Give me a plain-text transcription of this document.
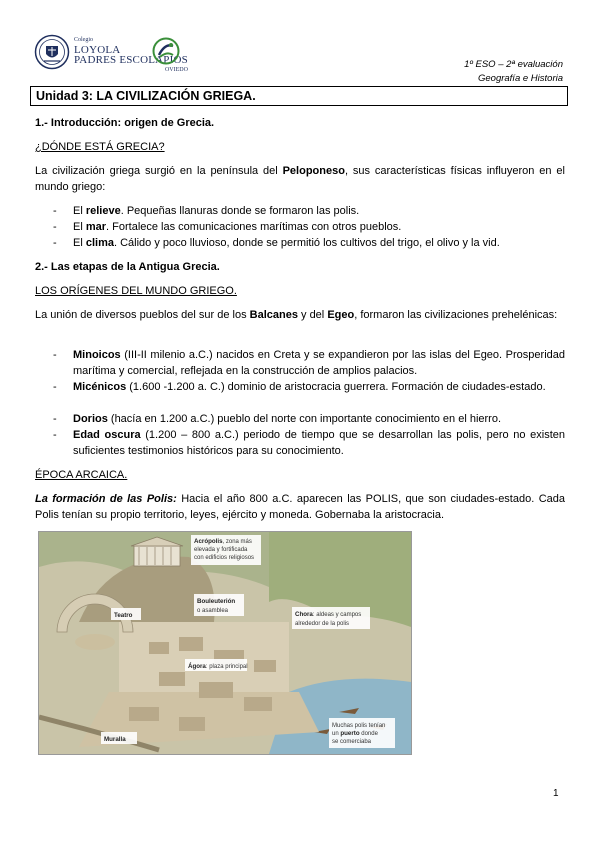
Colegio
LOYOLA
PADRES ESCOLAPIOS
OVIEDO	1º ESO – 2ª evaluación
Geografía e Historia
Unidad 3: LA CIVILIZACIÓN GRIEGA.
1.- Introducción: origen de Grecia.
¿DÓNDE ESTÁ GRECIA?
La civilización griega surgió en la península del Peloponeso, sus características físicas influyeron en el mundo griego:
- El relieve. Pequeñas llanuras donde se formaron las polis.
- El mar. Fortalece las comunicaciones marítimas con otros pueblos.
- El clima. Cálido y poco lluvioso, donde se permitió los cultivos del trigo, el olivo y la vid.
2.- Las etapas de la Antigua Grecia.
LOS ORÍGENES DEL MUNDO GRIEGO.
La unión de diversos pueblos del sur de los Balcanes y del Egeo, formaron las civilizaciones prehelénicas:
- Minoicos (III-II milenio a.C.) nacidos en Creta y se expandieron por las islas del Egeo. Prosperidad marítima y comercial, reflejada en la construcción de amplios palacios.
- Micénicos (1.600 -1.200 a. C.) dominio de aristocracia guerrera. Formación de ciudades-estado.
- Dorios (hacía en 1.200 a.C.) pueblo del norte con importante conocimiento en el hierro.
- Edad oscura (1.200 – 800 a.C.) periodo de tiempo que se desarrollan las polis, pero no existen suficientes testimonios históricos para su conocimiento.
ÉPOCA ARCAICA.
La formación de las Polis: Hacia el año 800 a.C. aparecen las POLIS, que son ciudades-estado. Cada Polis tenían su propio territorio, leyes, ejército y moneda. Gobernaba la aristocracia.
Acrópolis, zona más
elevada y fortificada
con edificios religiosos
Teatro
Bouleuterión
o asamblea	Chora: aldeas y campos
alrededor de la polis
Ágora: plaza principal
Muralla
Muchas polis tenían
un puerto donde
se comerciaba
1
